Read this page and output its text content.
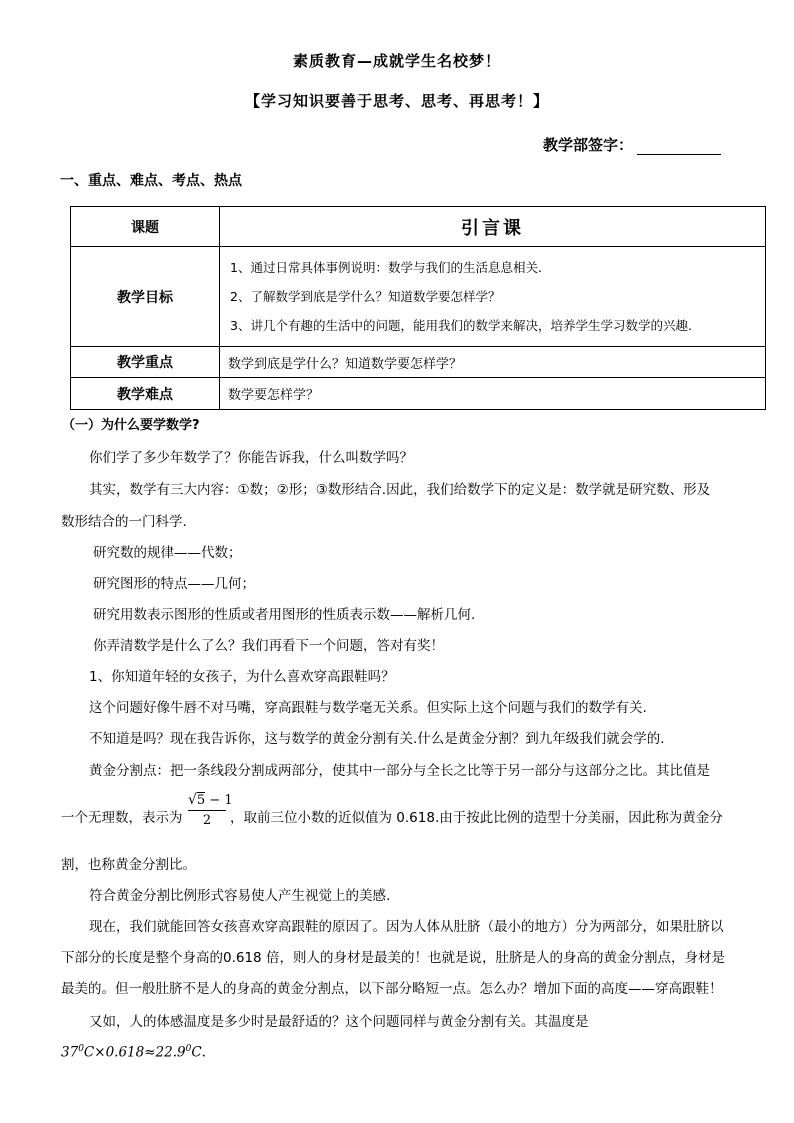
素质教育—成就学生名校梦！
【学习知识要善于思考、思考、再思考！】
教学部签字：
一、重点、难点、考点、热点
课题	引言课
教学目标	1、通过日常具体事例说明：数学与我们的生活息息相关.
2、了解数学到底是学什么？知道数学要怎样学？
3、讲几个有趣的生活中的问题，能用我们的数学来解决，培养学生学习数学的兴趣.

教学重点	数学到底是学什么？知道数学要怎样学？
教学难点	数学要怎样学？
（一）为什么要学数学?
你们学了多少年数学了？你能告诉我，什么叫数学吗？
其实，数学有三大内容：①数；②形；③数形结合.因此，我们给数学下的定义是：数学就是研究数、形及
数形结合的一门科学.
研究数的规律——代数；
研究图形的特点——几何；
研究用数表示图形的性质或者用图形的性质表示数——解析几何.
你弄清数学是什么了么？我们再看下一个问题，答对有奖！
1、你知道年轻的女孩子，为什么喜欢穿高跟鞋吗？
这个问题好像牛唇不对马嘴，穿高跟鞋与数学毫无关系。但实际上这个问题与我们的数学有关.
不知道是吗？现在我告诉你，这与数学的黄金分割有关.什么是黄金分割？到九年级我们就会学的.
黄金分割点：把一条线段分割成两部分，使其中一部分与全长之比等于另一部分与这部分之比。其比值是
一个无理数，表示为 $\frac{√5 - 1}{2}$ ，取前三位小数的近似值为 0.618.由于按此比例的造型十分美丽，因此称为黄金分
割，也称黄金分割比。
符合黄金分割比例形式容易使人产生视觉上的美感.
现在，我们就能回答女孩喜欢穿高跟鞋的原因了。因为人体从肚脐（最小的地方）分为两部分，如果肚脐以
下部分的长度是整个身高的0.618 倍，则人的身材是最美的！也就是说，肚脐是人的身高的黄金分割点，身材是
最美的。但一般肚脐不是人的身高的黄金分割点，以下部分略短一点。怎么办？增加下面的高度——穿高跟鞋！
又如，人的体感温度是多少时是最舒适的？这个问题同样与黄金分割有关。其温度是
$37^0C\times 0.618\approx 22.9^0C$.
